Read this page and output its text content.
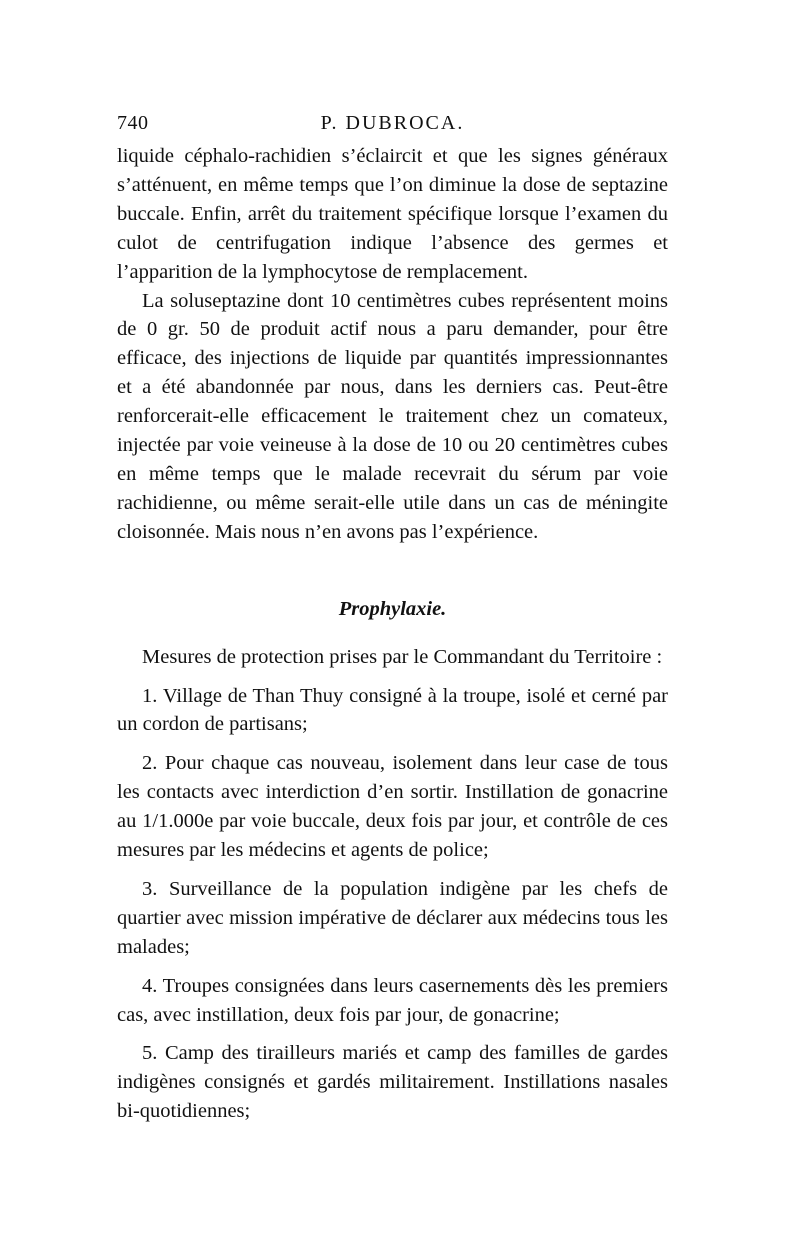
740	P. DUBROCA.

liquide céphalo-rachidien s’éclaircit et que les signes généraux s’atténuent, en même temps que l’on diminue la dose de septazine buccale. Enfin, arrêt du traitement spécifique lorsque l’examen du culot de centrifugation indique l’absence des germes et l’apparition de la lymphocytose de remplacement.

La soluseptazine dont 10 centimètres cubes représentent moins de 0 gr. 50 de produit actif nous a paru demander, pour être efficace, des injections de liquide par quantités impressionnantes et a été abandonnée par nous, dans les derniers cas. Peut-être renforcerait-elle efficacement le traitement chez un comateux, injectée par voie veineuse à la dose de 10 ou 20 centimètres cubes en même temps que le malade recevrait du sérum par voie rachidienne, ou même serait-elle utile dans un cas de méningite cloisonnée. Mais nous n’en avons pas l’expérience.

Prophylaxie.

Mesures de protection prises par le Commandant du Territoire :

1. Village de Than Thuy consigné à la troupe, isolé et cerné par un cordon de partisans;

2. Pour chaque cas nouveau, isolement dans leur case de tous les contacts avec interdiction d’en sortir. Instillation de gonacrine au 1/1.000e par voie buccale, deux fois par jour, et contrôle de ces mesures par les médecins et agents de police;

3. Surveillance de la population indigène par les chefs de quartier avec mission impérative de déclarer aux médecins tous les malades;

4. Troupes consignées dans leurs casernements dès les premiers cas, avec instillation, deux fois par jour, de gonacrine;

5. Camp des tirailleurs mariés et camp des familles de gardes indigènes consignés et gardés militairement. Instillations nasales bi-quotidiennes;
